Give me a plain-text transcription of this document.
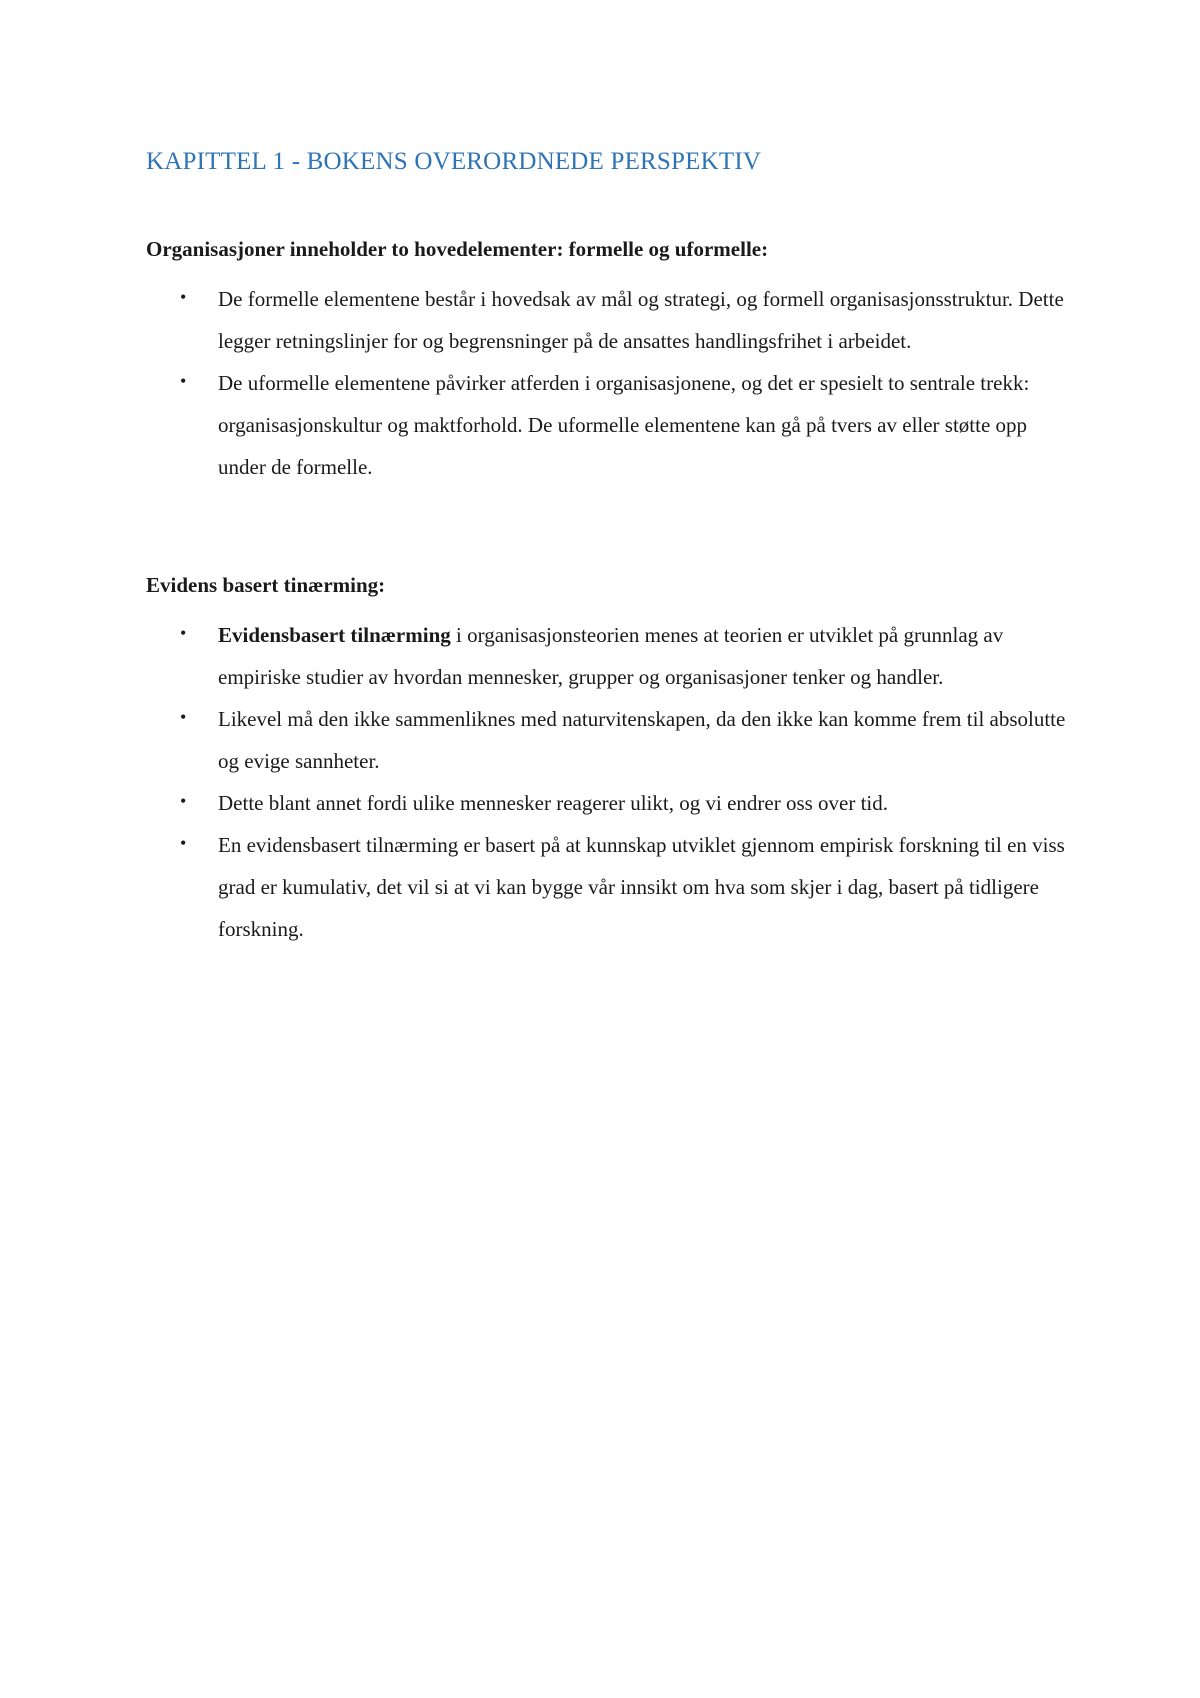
KAPITTEL 1 - BOKENS OVERORDNEDE PERSPEKTIV

Organisasjoner inneholder to hovedelementer: formelle og uformelle:

• De formelle elementene består i hovedsak av mål og strategi, og formell organisasjonsstruktur. Dette legger retningslinjer for og begrensninger på de ansattes handlingsfrihet i arbeidet.
• De uformelle elementene påvirker atferden i organisasjonene, og det er spesielt to sentrale trekk: organisasjonskultur og maktforhold. De uformelle elementene kan gå på tvers av eller støtte opp under de formelle.

Evidens basert tinærming:

• Evidensbasert tilnærming i organisasjonsteorien menes at teorien er utviklet på grunnlag av empiriske studier av hvordan mennesker, grupper og organisasjoner tenker og handler.
• Likevel må den ikke sammenliknes med naturvitenskapen, da den ikke kan komme frem til absolutte og evige sannheter.
• Dette blant annet fordi ulike mennesker reagerer ulikt, og vi endrer oss over tid.
• En evidensbasert tilnærming er basert på at kunnskap utviklet gjennom empirisk forskning til en viss grad er kumulativ, det vil si at vi kan bygge vår innsikt om hva som skjer i dag, basert på tidligere forskning.
